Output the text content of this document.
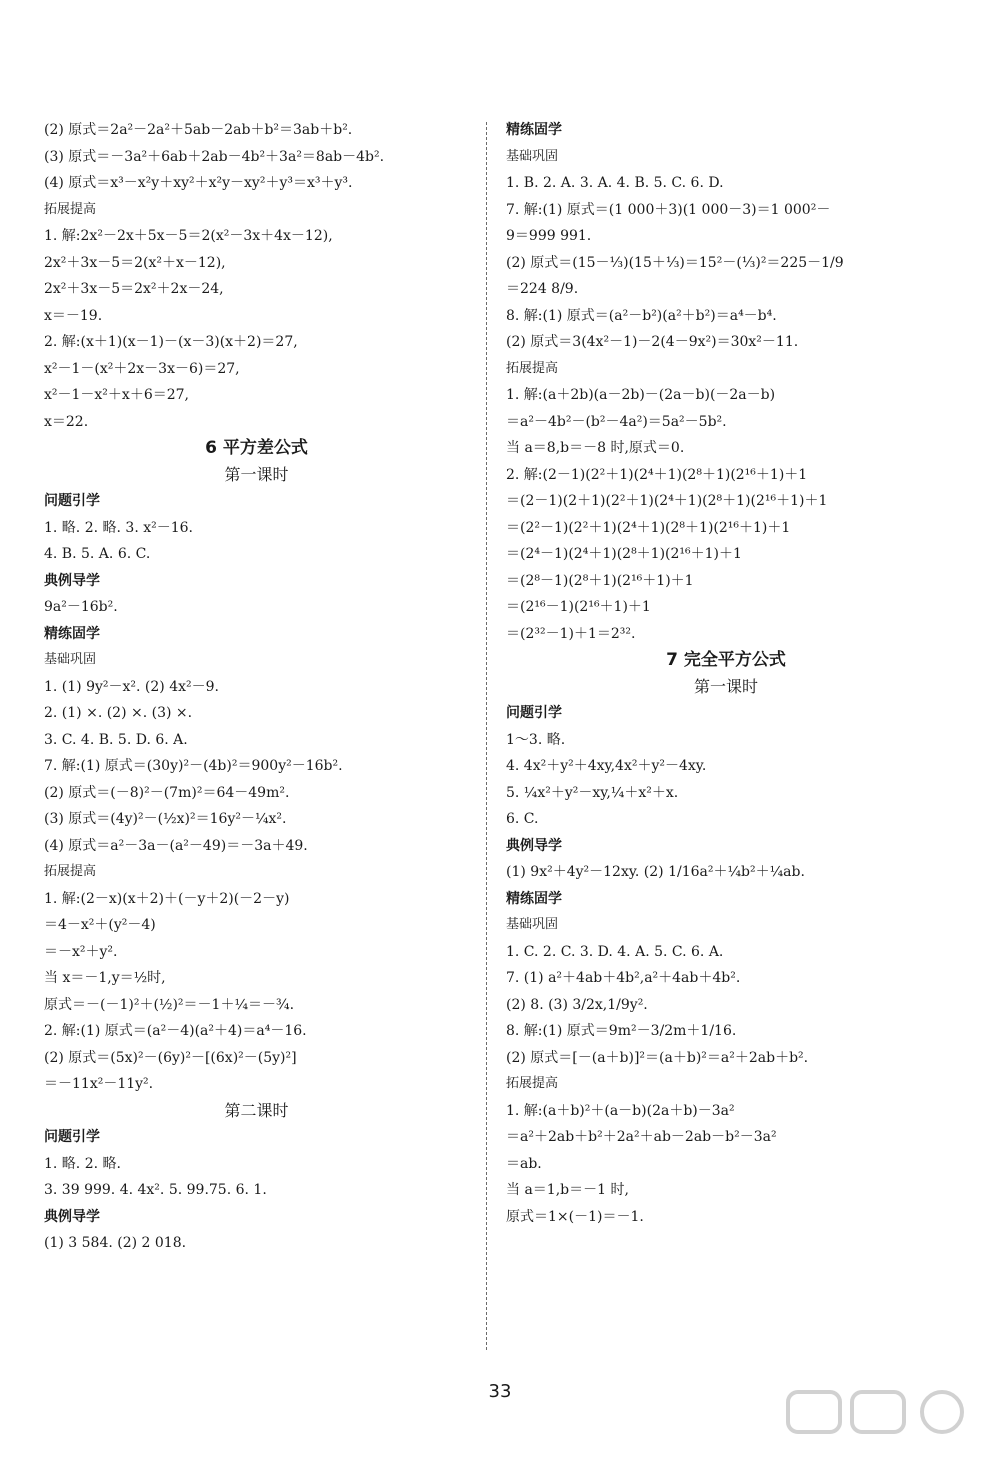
(2) 原式＝2a²－2a²＋5ab－2ab＋b²＝3ab＋b².
(3) 原式＝－3a²＋6ab＋2ab－4b²＋3a²＝8ab－4b².
(4) 原式＝x³－x²y＋xy²＋x²y－xy²＋y³＝x³＋y³.
拓展提高
1. 解:2x²－2x＋5x－5＝2(x²－3x＋4x－12),
2x²＋3x－5＝2(x²＋x－12),
2x²＋3x－5＝2x²＋2x－24,
x＝－19.
2. 解:(x＋1)(x－1)－(x－3)(x＋2)＝27,
x²－1－(x²＋2x－3x－6)＝27,
x²－1－x²＋x＋6＝27,
x＝22.
6 平方差公式
第一课时
问题引学
1. 略. 2. 略. 3. x²－16.
4. B. 5. A. 6. C.
典例导学
9a²－16b².
精练固学
基础巩固
1. (1) 9y²－x². (2) 4x²－9.
2. (1) ×. (2) ×. (3) ×.
3. C. 4. B. 5. D. 6. A.
7. 解:(1) 原式＝(30y)²－(4b)²＝900y²－16b².
(2) 原式＝(－8)²－(7m)²＝64－49m².
(3) 原式＝(4y)²－(½x)²＝16y²－¼x².
(4) 原式＝a²－3a－(a²－49)＝－3a＋49.
拓展提高
1. 解:(2－x)(x＋2)＋(－y＋2)(－2－y)
＝4－x²＋(y²－4)
＝－x²＋y².
当 x＝－1,y＝½时,
原式＝－(－1)²＋(½)²＝－1＋¼＝－¾.
2. 解:(1) 原式＝(a²－4)(a²＋4)＝a⁴－16.
(2) 原式＝(5x)²－(6y)²－[(6x)²－(5y)²]
＝－11x²－11y².
第二课时
问题引学
1. 略. 2. 略.
3. 39 999. 4. 4x². 5. 99.75. 6. 1.
典例导学
(1) 3 584. (2) 2 018.
精练固学
基础巩固
1. B. 2. A. 3. A. 4. B. 5. C. 6. D.
7. 解:(1) 原式＝(1 000＋3)(1 000－3)＝1 000²－
9＝999 991.
(2) 原式＝(15－⅓)(15＋⅓)＝15²－(⅓)²＝225－1/9
＝224 8/9.
8. 解:(1) 原式＝(a²－b²)(a²＋b²)＝a⁴－b⁴.
(2) 原式＝3(4x²－1)－2(4－9x²)＝30x²－11.
拓展提高
1. 解:(a＋2b)(a－2b)－(2a－b)(－2a－b)
＝a²－4b²－(b²－4a²)＝5a²－5b².
当 a＝8,b＝－8 时,原式＝0.
2. 解:(2－1)(2²＋1)(2⁴＋1)(2⁸＋1)(2¹⁶＋1)＋1
＝(2－1)(2＋1)(2²＋1)(2⁴＋1)(2⁸＋1)(2¹⁶＋1)＋1
＝(2²－1)(2²＋1)(2⁴＋1)(2⁸＋1)(2¹⁶＋1)＋1
＝(2⁴－1)(2⁴＋1)(2⁸＋1)(2¹⁶＋1)＋1
＝(2⁸－1)(2⁸＋1)(2¹⁶＋1)＋1
＝(2¹⁶－1)(2¹⁶＋1)＋1
＝(2³²－1)＋1＝2³².
7 完全平方公式
第一课时
问题引学
1～3. 略.
4. 4x²＋y²＋4xy,4x²＋y²－4xy.
5. ¼x²＋y²－xy,¼＋x²＋x.
6. C.
典例导学
(1) 9x²＋4y²－12xy. (2) 1/16a²＋¼b²＋¼ab.
精练固学
基础巩固
1. C. 2. C. 3. D. 4. A. 5. C. 6. A.
7. (1) a²＋4ab＋4b²,a²＋4ab＋4b².
(2) 8. (3) 3/2x,1/9y².
8. 解:(1) 原式＝9m²－3/2m＋1/16.
(2) 原式＝[－(a＋b)]²＝(a＋b)²＝a²＋2ab＋b².
拓展提高
1. 解:(a＋b)²＋(a－b)(2a＋b)－3a²
＝a²＋2ab＋b²＋2a²＋ab－2ab－b²－3a²
＝ab.
当 a＝1,b＝－1 时,
原式＝1×(－1)＝－1.
33
